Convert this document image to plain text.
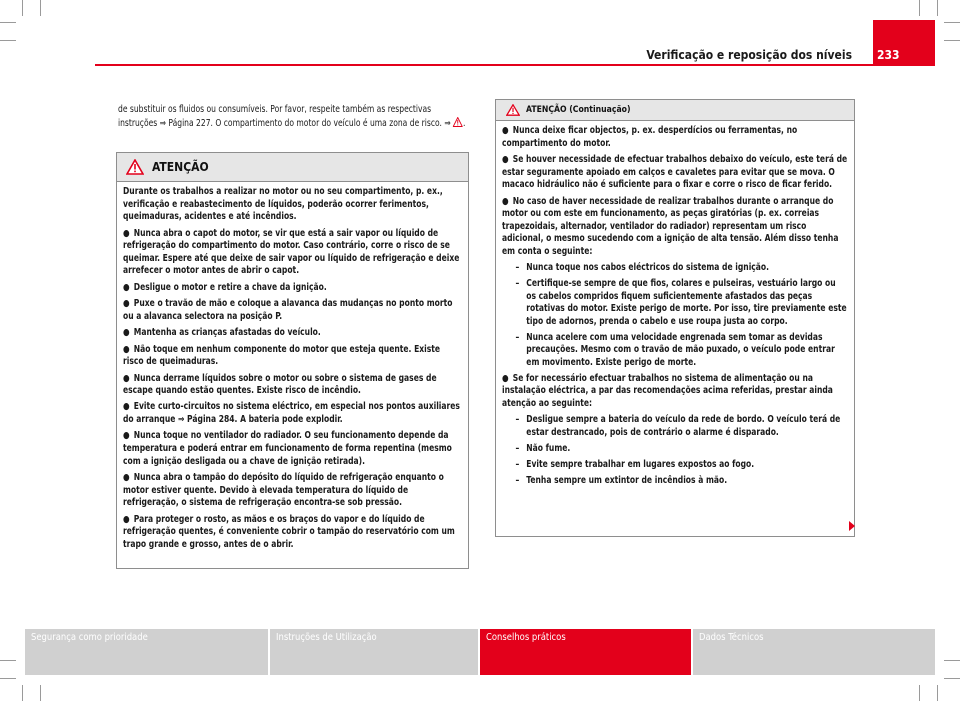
Verificação e reposição dos níveis 233
de substituir os fluidos ou consumíveis. Por favor, respeite também as respectivas instruções ⇒ Página 227. O compartimento do motor do veículo é uma zona de risco. ⇒ .
ATENÇÃO
Durante os trabalhos a realizar no motor ou no seu compartimento, p. ex., verificação e reabastecimento de líquidos, poderão ocorrer ferimentos, queimaduras, acidentes e até incêndios.
● Nunca abra o capot do motor, se vir que está a sair vapor ou líquido de refrigeração do compartimento do motor. Caso contrário, corre o risco de se queimar. Espere até que deixe de sair vapor ou líquido de refrigeração e deixe arrefecer o motor antes de abrir o capot.
● Desligue o motor e retire a chave da ignição.
● Puxe o travão de mão e coloque a alavanca das mudanças no ponto morto ou a alavanca selectora na posição P.
● Mantenha as crianças afastadas do veículo.
● Não toque em nenhum componente do motor que esteja quente. Existe risco de queimaduras.
● Nunca derrame líquidos sobre o motor ou sobre o sistema de gases de escape quando estão quentes. Existe risco de incêndio.
● Evite curto-circuitos no sistema eléctrico, em especial nos pontos auxiliares do arranque ⇒ Página 284. A bateria pode explodir.
● Nunca toque no ventilador do radiador. O seu funcionamento depende da temperatura e poderá entrar em funcionamento de forma repentina (mesmo com a ignição desligada ou a chave de ignição retirada).
● Nunca abra o tampão do depósito do líquido de refrigeração enquanto o motor estiver quente. Devido à elevada temperatura do líquido de refrigeração, o sistema de refrigeração encontra-se sob pressão.
● Para proteger o rosto, as mãos e os braços do vapor e do líquido de refrigeração quentes, é conveniente cobrir o tampão do reservatório com um trapo grande e grosso, antes de o abrir.
ATENÇÃO (Continuação)
● Nunca deixe ficar objectos, p. ex. desperdícios ou ferramentas, no compartimento do motor.
● Se houver necessidade de efectuar trabalhos debaixo do veículo, este terá de estar seguramente apoiado em calços e cavaletes para evitar que se mova. O macaco hidráulico não é suficiente para o fixar e corre o risco de ficar ferido.
● No caso de haver necessidade de realizar trabalhos durante o arranque do motor ou com este em funcionamento, as peças giratórias (p. ex. correias trapezoidais, alternador, ventilador do radiador) representam um risco adicional, o mesmo sucedendo com a ignição de alta tensão. Além disso tenha em conta o seguinte:
– Nunca toque nos cabos eléctricos do sistema de ignição.
– Certifique-se sempre de que fios, colares e pulseiras, vestuário largo ou os cabelos compridos fiquem suficientemente afastados das peças rotativas do motor. Existe perigo de morte. Por isso, tire previamente este tipo de adornos, prenda o cabelo e use roupa justa ao corpo.
– Nunca acelere com uma velocidade engrenada sem tomar as devidas precauções. Mesmo com o travão de mão puxado, o veículo pode entrar em movimento. Existe perigo de morte.
● Se for necessário efectuar trabalhos no sistema de alimentação ou na instalação eléctrica, a par das recomendações acima referidas, prestar ainda atenção ao seguinte:
– Desligue sempre a bateria do veículo da rede de bordo. O veículo terá de estar destrancado, pois de contrário o alarme é disparado.
– Não fume.
– Evite sempre trabalhar em lugares expostos ao fogo.
– Tenha sempre um extintor de incêndios à mão.
Segurança como prioridade	Instruções de Utilização	Conselhos práticos	Dados Técnicos
